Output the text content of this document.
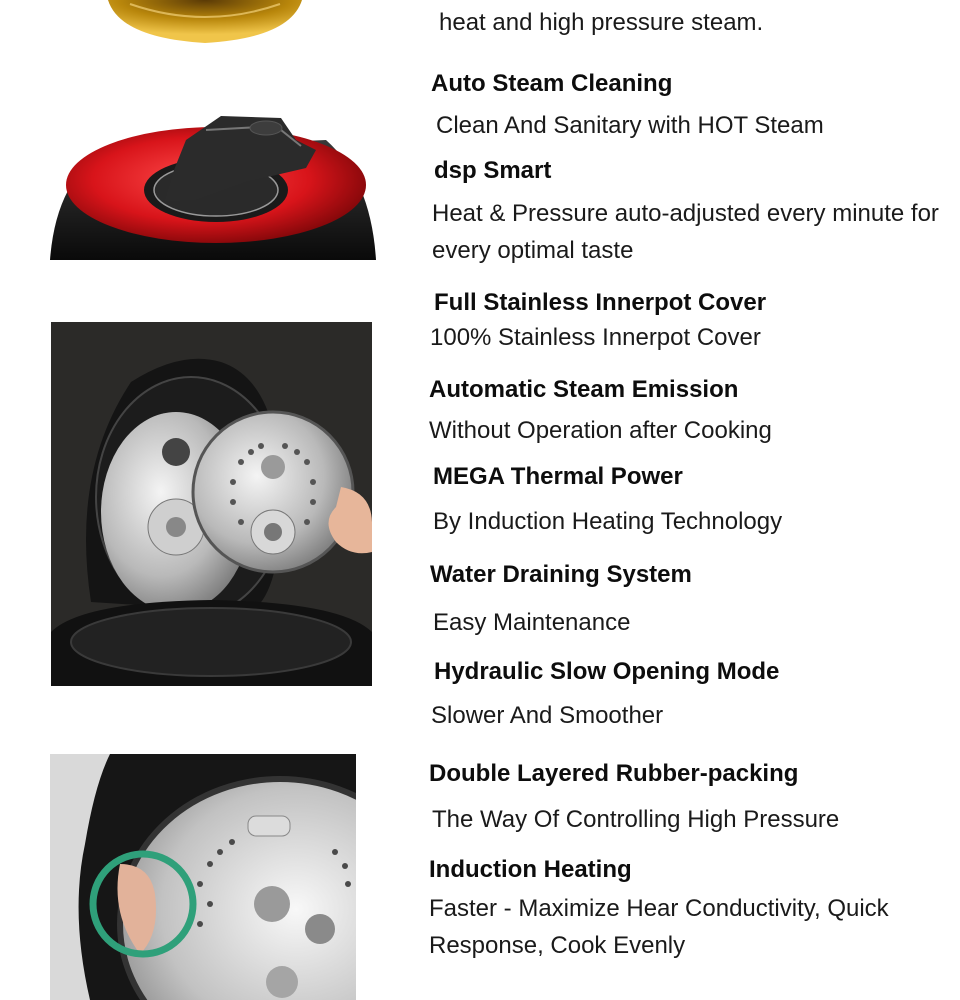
heat and high pressure steam.
Auto Steam Cleaning
Clean And Sanitary with HOT Steam
dsp Smart
Heat & Pressure auto-adjusted every minute for every optimal taste
Full Stainless Innerpot Cover
100% Stainless Innerpot Cover
Automatic Steam Emission
Without Operation after Cooking
MEGA Thermal Power
By Induction Heating Technology
Water Draining System
Easy Maintenance
Hydraulic Slow Opening Mode
Slower And Smoother
Double Layered Rubber-packing
The Way Of Controlling High Pressure
Induction Heating
Faster - Maximize Hear Conductivity, Quick Response, Cook Evenly
